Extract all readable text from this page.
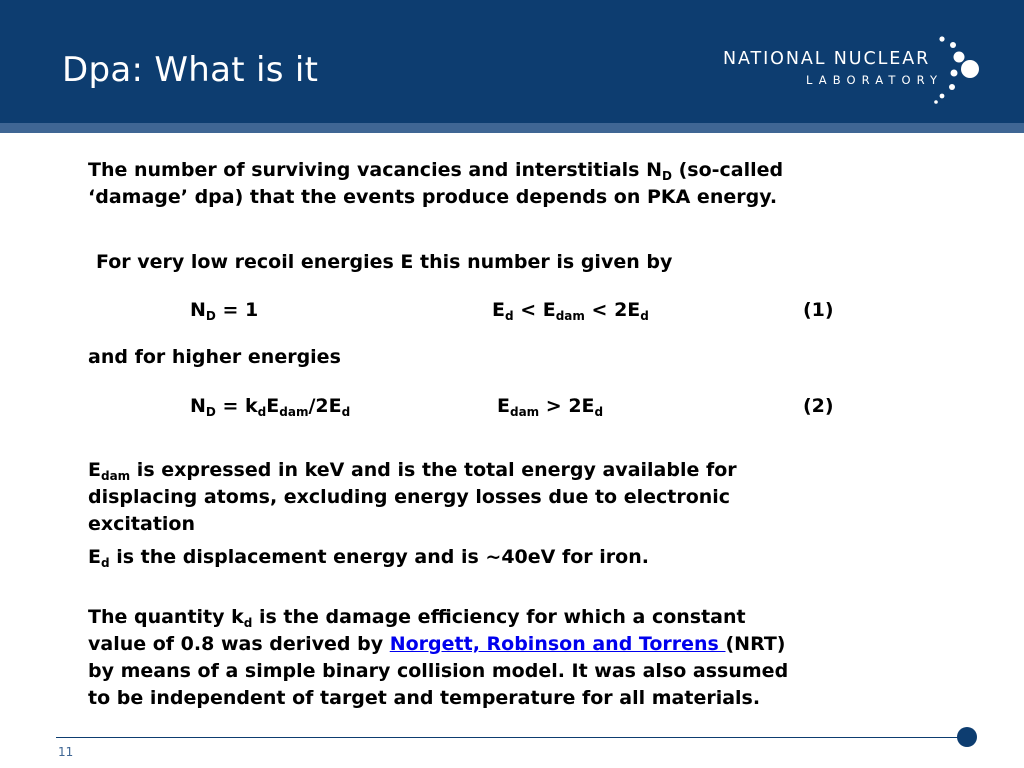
Dpa: What is it	NATIONAL NUCLEAR
LABORATORY

The number of surviving vacancies and interstitials $N_D$ (so-called
‘damage’ dpa) that the events produce depends on PKA energy.

For very low recoil energies E this number is given by

$N_D = 1$	$E_d < E_{dam} < 2E_d$	(1)

and for higher energies

$N_D = k_dE_{dam}/2E_d$	$E_{dam} > 2E_d$	(2)

$E_{dam}$ is expressed in keV and is the total energy available for
displacing atoms, excluding energy losses due to electronic
excitation

$E_d$ is the displacement energy and is ~40eV for iron.

The quantity $k_d$ is the damage efficiency for which a constant
value of 0.8 was derived by Norgett, Robinson and Torrens (NRT)
by means of a simple binary collision model. It was also assumed
to be independent of target and temperature for all materials.

11
